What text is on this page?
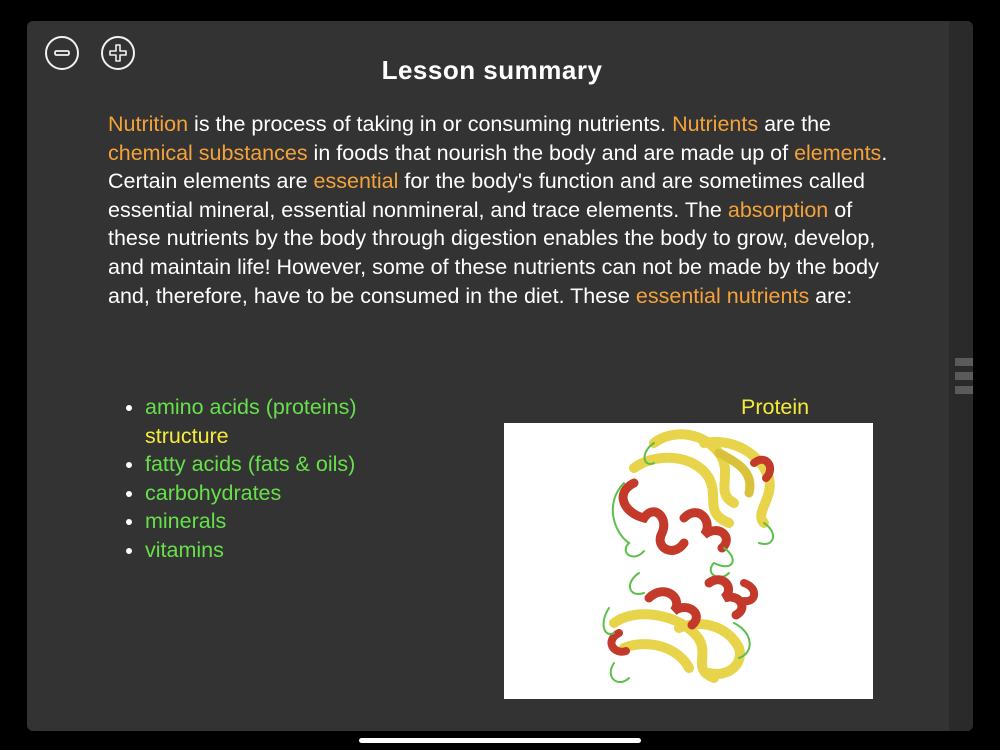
Lesson summary
Nutrition is the process of taking in or consuming nutrients. Nutrients are the chemical substances in foods that nourish the body and are made up of elements. Certain elements are essential for the body's function and are sometimes called essential mineral, essential nonmineral, and trace elements. The absorption of these nutrients by the body through digestion enables the body to grow, develop, and maintain life! However, some of these nutrients can not be made by the body and, therefore, have to be consumed in the diet. These essential nutrients are:
• amino acids (proteins)
structure
• fatty acids (fats & oils)
• carbohydrates
• minerals
• vitamins
Protein
